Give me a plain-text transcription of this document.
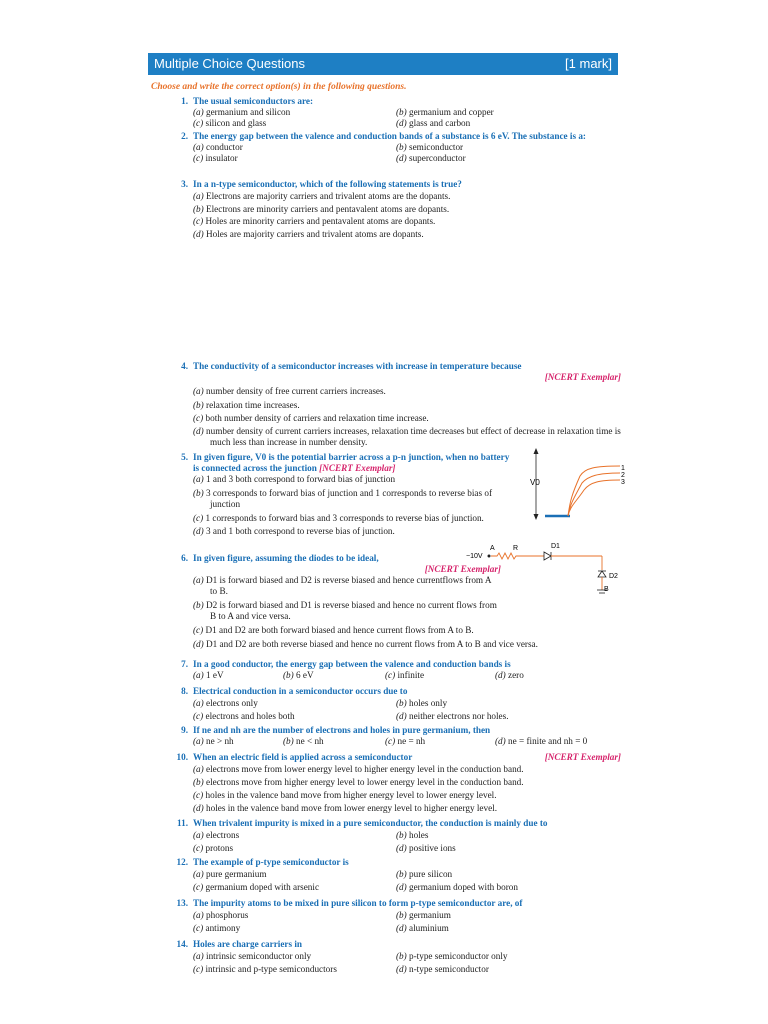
Multiple Choice Questions	[1 mark]
Choose and write the correct option(s) in the following questions.
1. The usual semiconductors are:
(a) germanium and silicon	(b) germanium and copper
(c) silicon and glass	(d) glass and carbon
2. The energy gap between the valence and conduction bands of a substance is 6 eV. The substance is a:
(a) conductor	(b) semiconductor
(c) insulator	(d) superconductor
3. In a n-type semiconductor, which of the following statements is true?
(a) Electrons are majority carriers and trivalent atoms are the dopants.
(b) Electrons are minority carriers and pentavalent atoms are dopants.
(c) Holes are minority carriers and pentavalent atoms are dopants.
(d) Holes are majority carriers and trivalent atoms are dopants.
4. The conductivity of a semiconductor increases with increase in temperature because
[NCERT Exemplar]
(a) number density of free current carriers increases.
(b) relaxation time increases.
(c) both number density of carriers and relaxation time increase.
(d) number density of current carriers increases, relaxation time decreases but effect of decrease in relaxation time is much less than increase in number density.
5. In given figure, V0 is the potential barrier across a p-n junction, when no battery is connected across the junction [NCERT Exemplar]
(a) 1 and 3 both correspond to forward bias of junction
(b) 3 corresponds to forward bias of junction and 1 corresponds to reverse bias of junction
(c) 1 corresponds to forward bias and 3 corresponds to reverse bias of junction.
(d) 3 and 1 both correspond to reverse bias of junction.
V0
1
2
3
6. In given figure, assuming the diodes to be ideal,
[NCERT Exemplar]
(a) D1 is forward biased and D2 is reverse biased and hence currentflows from A to B.
(b) D2 is forward biased and D1 is reverse biased and hence no current flows from B to A and vice versa.
(c) D1 and D2 are both forward biased and hence current flows from A to B.
(d) D1 and D2 are both reverse biased and hence no current flows from A to B and vice versa.
−10V
A	R	D1
D2
B
7. In a good conductor, the energy gap between the valence and conduction bands is
(a) 1 eV	(b) 6 eV	(c) infinite	(d) zero
8. Electrical conduction in a semiconductor occurs due to
(a) electrons only	(b) holes only
(c) electrons and holes both	(d) neither electrons nor holes.
9. If ne and nh are the number of electrons and holes in pure germanium, then
(a) ne > nh	(b) ne < nh	(c) ne = nh	(d) ne = finite and nh = 0
10. When an electric field is applied across a semiconductor	[NCERT Exemplar]
(a) electrons move from lower energy level to higher energy level in the conduction band.
(b) electrons move from higher energy level to lower energy level in the conduction band.
(c) holes in the valence band move from higher energy level to lower energy level.
(d) holes in the valence band move from lower energy level to higher energy level.
11. When trivalent impurity is mixed in a pure semiconductor, the conduction is mainly due to
(a) electrons	(b) holes
(c) protons	(d) positive ions
12. The example of p-type semiconductor is
(a) pure germanium	(b) pure silicon
(c) germanium doped with arsenic	(d) germanium doped with boron
13. The impurity atoms to be mixed in pure silicon to form p-type semiconductor are, of
(a) phosphorus	(b) germanium
(c) antimony	(d) aluminium
14. Holes are charge carriers in
(a) intrinsic semiconductor only	(b) p-type semiconductor only
(c) intrinsic and p-type semiconductors	(d) n-type semiconductor
